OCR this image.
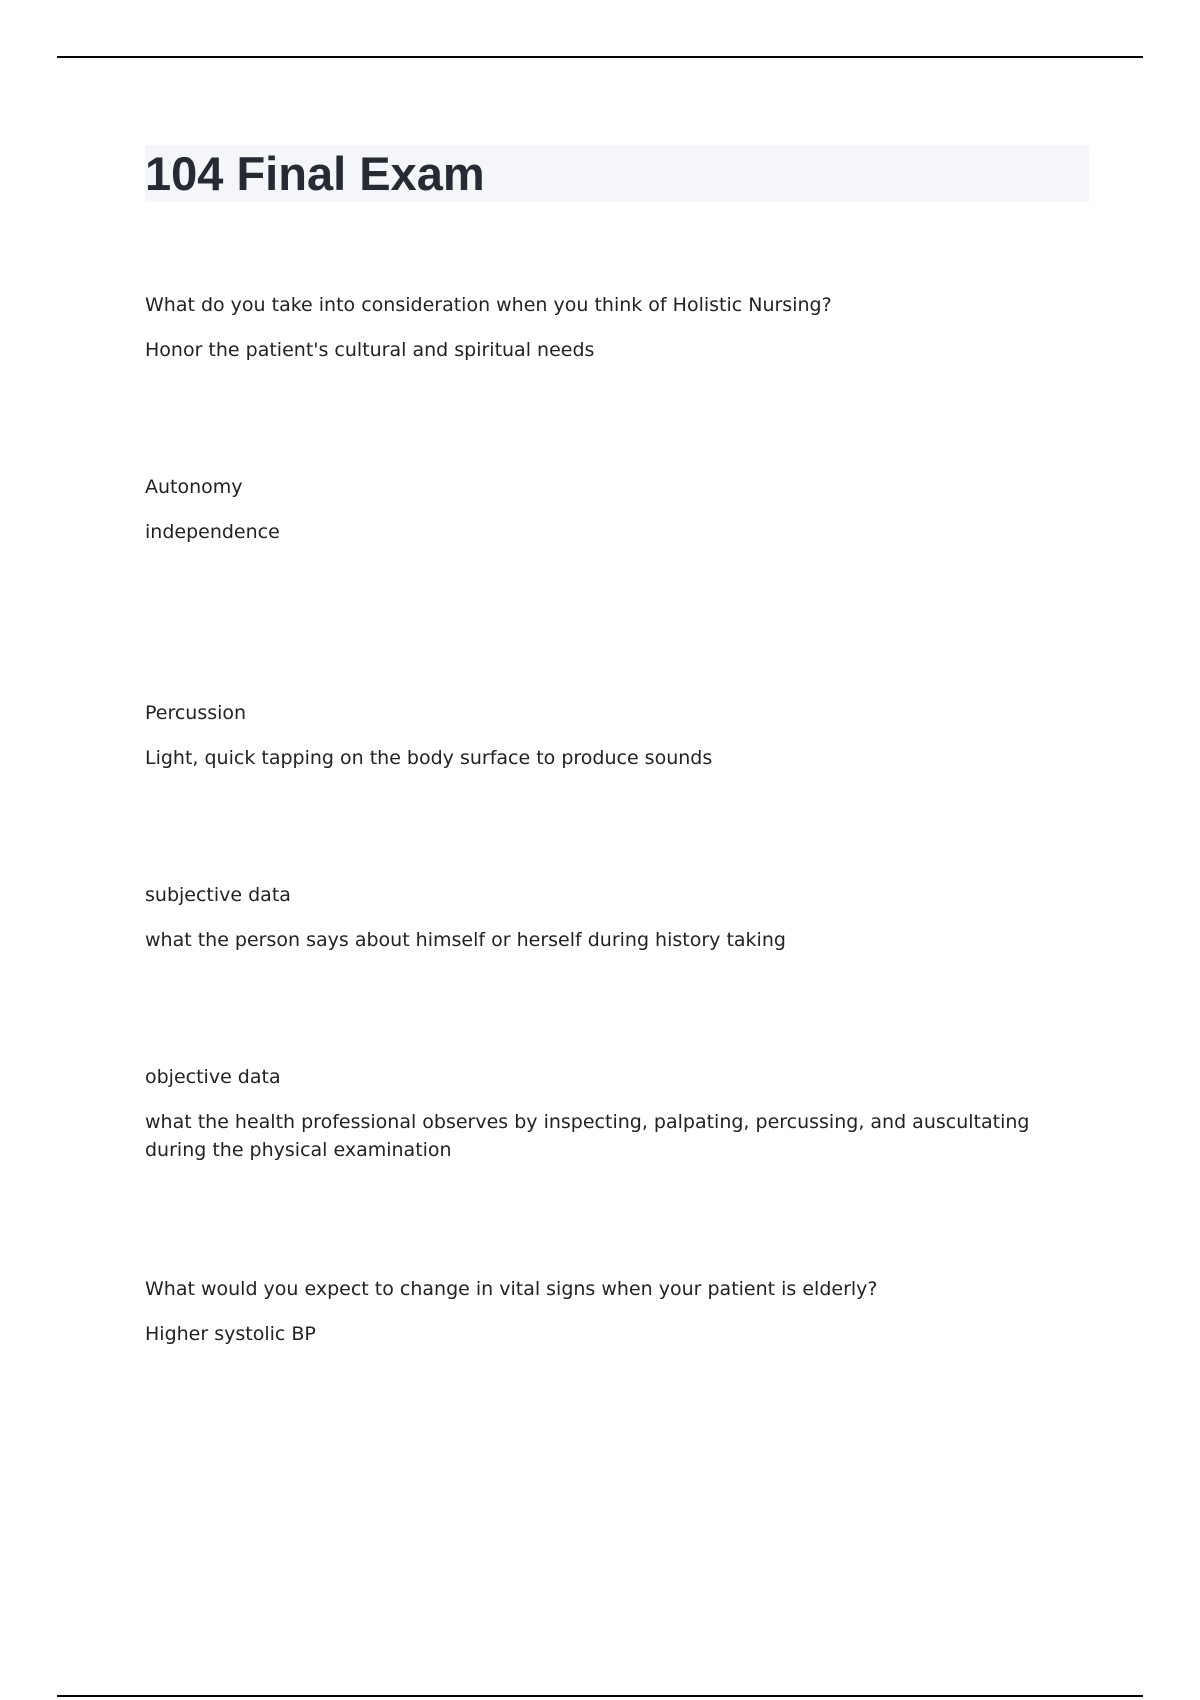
104 Final Exam

What do you take into consideration when you think of Holistic Nursing?

Honor the patient's cultural and spiritual needs

Autonomy

independence

Percussion

Light, quick tapping on the body surface to produce sounds

subjective data

what the person says about himself or herself during history taking

objective data

what the health professional observes by inspecting, palpating, percussing, and auscultating during the physical examination

What would you expect to change in vital signs when your patient is elderly?

Higher systolic BP
